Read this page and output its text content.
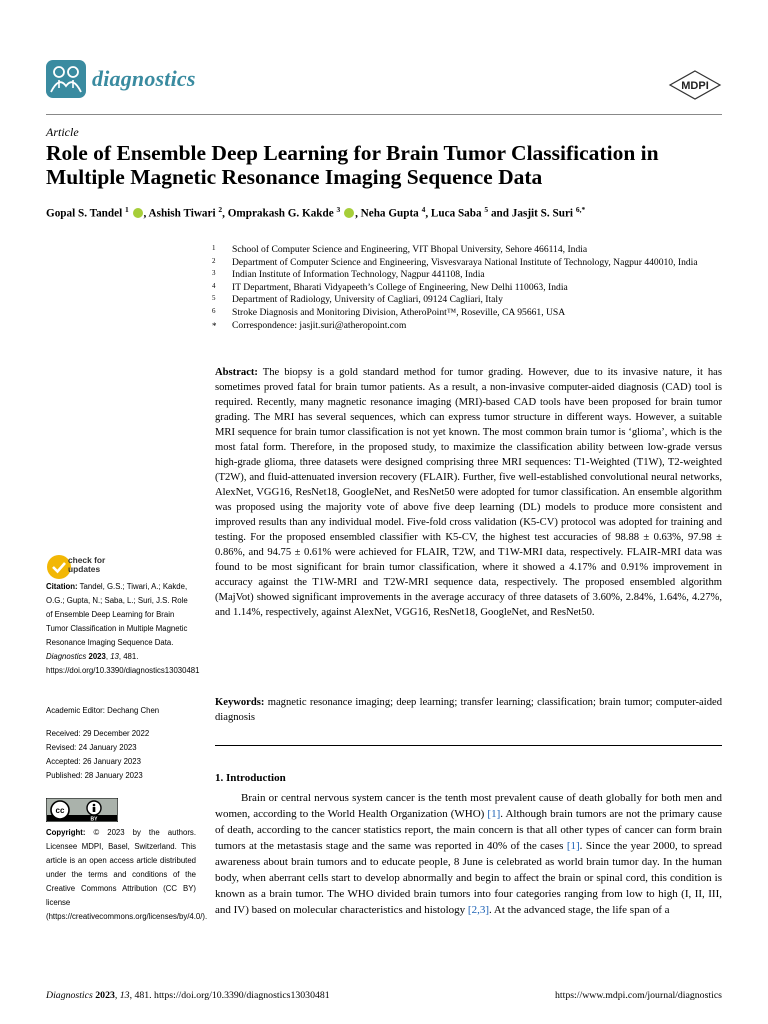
diagnostics	MDPI
Article
Role of Ensemble Deep Learning for Brain Tumor Classification in Multiple Magnetic Resonance Imaging Sequence Data
Gopal S. Tandel $^1$ , Ashish Tiwari $^2$, Omprakash G. Kakde $^3$ , Neha Gupta $^4$, Luca Saba $^5$ and Jasjit S. Suri $^{6,*}$
1 School of Computer Science and Engineering, VIT Bhopal University, Sehore 466114, India
2 Department of Computer Science and Engineering, Visvesvaraya National Institute of Technology, Nagpur 440010, India
3 Indian Institute of Information Technology, Nagpur 441108, India
4 IT Department, Bharati Vidyapeeth’s College of Engineering, New Delhi 110063, India
5 Department of Radiology, University of Cagliari, 09124 Cagliari, Italy
6 Stroke Diagnosis and Monitoring Division, AtheroPoint™, Roseville, CA 95661, USA
* Correspondence: jasjit.suri@atheropoint.com
Abstract: The biopsy is a gold standard method for tumor grading. However, due to its invasive nature, it has sometimes proved fatal for brain tumor patients. As a result, a non-invasive computer-aided diagnosis (CAD) tool is required. Recently, many magnetic resonance imaging (MRI)-based CAD tools have been proposed for brain tumor grading. The MRI has several sequences, which can express tumor structure in different ways. However, a suitable MRI sequence for brain tumor classification is not yet known. The most common brain tumor is ‘glioma’, which is the most fatal form. Therefore, in the proposed study, to maximize the classification ability between low-grade versus high-grade glioma, three datasets were designed comprising three MRI sequences: T1-Weighted (T1W), T2-weighted (T2W), and fluid-attenuated inversion recovery (FLAIR). Further, five well-established convolutional neural networks, AlexNet, VGG16, ResNet18, GoogleNet, and ResNet50 were adopted for tumor classification. An ensemble algorithm was proposed using the majority vote of above five deep learning (DL) models to produce more consistent and improved results than any individual model. Five-fold cross validation (K5-CV) protocol was adopted for training and testing. For the proposed ensembled classifier with K5-CV, the highest test accuracies of 98.88 ± 0.63%, 97.98 ± 0.86%, and 94.75 ± 0.61% were achieved for FLAIR, T2W, and T1W-MRI data, respectively. FLAIR-MRI data was found to be most significant for brain tumor classification, where it showed a 4.17% and 0.91% improvement in accuracy against the T1W-MRI and T2W-MRI sequence data, respectively. The proposed ensembled algorithm (MajVot) showed significant improvements in the average accuracy of three datasets of 3.60%, 2.84%, 1.64%, 4.27%, and 1.14%, respectively, against AlexNet, VGG16, ResNet18, GoogleNet, and ResNet50.
Keywords: magnetic resonance imaging; deep learning; transfer learning; classification; brain tumor; computer-aided diagnosis
1. Introduction
Brain or central nervous system cancer is the tenth most prevalent cause of death globally for both men and women, according to the World Health Organization (WHO) [1]. Although brain tumors are not the primary cause of death, according to the cancer statistics report, the main concern is that all other types of cancer can form brain tumors at the metastasis stage and the same was reported in 40% of the cases [1]. Since the year 2000, to spread awareness about brain tumors and to educate people, 8 June is celebrated as world brain tumor day. In the human body, when aberrant cells start to develop abnormally and begin to affect the brain or spinal cord, this condition is known as a brain tumor. The WHO divided brain tumors into four categories ranging from low to high (I, II, III, and IV) based on molecular characteristics and histology [2,3]. At the advanced stage, the life span of a
check for
updates
Citation: Tandel, G.S.; Tiwari, A.; Kakde, O.G.; Gupta, N.; Saba, L.; Suri, J.S. Role of Ensemble Deep Learning for Brain Tumor Classification in Multiple Magnetic Resonance Imaging Sequence Data. Diagnostics 2023, 13, 481. https://doi.org/10.3390/diagnostics13030481
Academic Editor: Dechang Chen
Received: 29 December 2022
Revised: 24 January 2023
Accepted: 26 January 2023
Published: 28 January 2023
cc
BY
Copyright: © 2023 by the authors. Licensee MDPI, Basel, Switzerland. This article is an open access article distributed under the terms and conditions of the Creative Commons Attribution (CC BY) license (https://creativecommons.org/licenses/by/4.0/).
Diagnostics 2023, 13, 481. https://doi.org/10.3390/diagnostics13030481	https://www.mdpi.com/journal/diagnostics
